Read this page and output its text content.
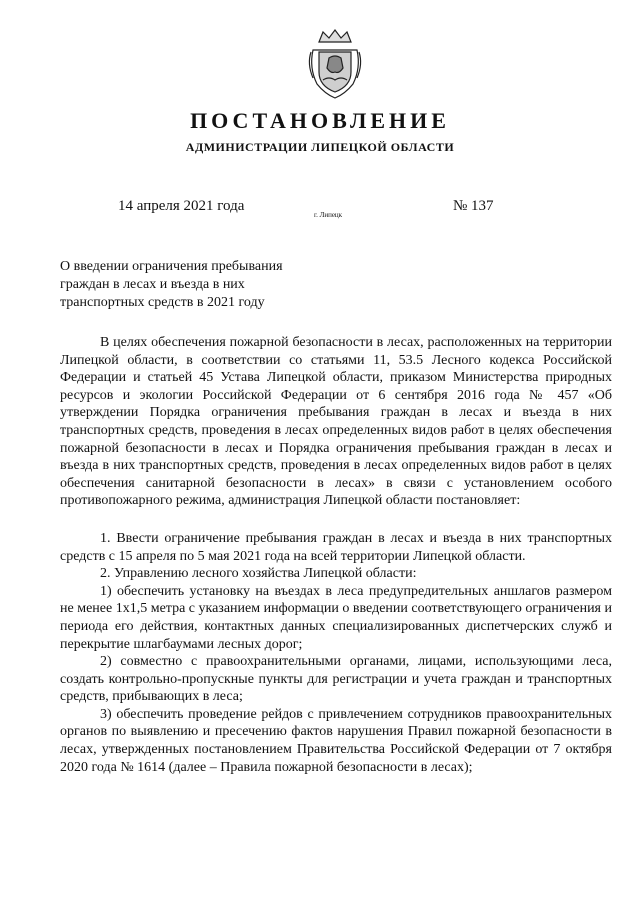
ПОСТАНОВЛЕНИЕ
АДМИНИСТРАЦИИ ЛИПЕЦКОЙ ОБЛАСТИ
14 апреля 2021 года
г. Липецк
№ 137
О введении ограничения пребывания граждан в лесах и въезда в них транспортных средств в 2021 году

В целях обеспечения пожарной безопасности в лесах, расположенных на территории Липецкой области, в соответствии со статьями 11, 53.5 Лесного кодекса Российской Федерации и статьей 45 Устава Липецкой области, приказом Министерства природных ресурсов и экологии Российской Федерации от 6 сентября 2016 года № 457 «Об утверждении Порядка ограничения пребывания граждан в лесах и въезда в них транспортных средств, проведения в лесах определенных видов работ в целях обеспечения пожарной безопасности в лесах и Порядка ограничения пребывания граждан в лесах и въезда в них транспортных средств, проведения в лесах определенных видов работ в целях обеспечения санитарной безопасности в лесах» в связи с установлением особого противопожарного режима, администрация Липецкой области постановляет:

1. Ввести ограничение пребывания граждан в лесах и въезда в них транспортных средств с 15 апреля по 5 мая 2021 года на всей территории Липецкой области.

2. Управлению лесного хозяйства Липецкой области:

1) обеспечить установку на въездах в леса предупредительных аншлагов размером не менее 1х1,5 метра с указанием информации о введении соответствующего ограничения и периода его действия, контактных данных специализированных диспетчерских служб и перекрытие шлагбаумами лесных дорог;

2) совместно с правоохранительными органами, лицами, использующими леса, создать контрольно-пропускные пункты для регистрации и учета граждан и транспортных средств, прибывающих в леса;

3) обеспечить проведение рейдов с привлечением сотрудников правоохранительных органов по выявлению и пресечению фактов нарушения Правил пожарной безопасности в лесах, утвержденных постановлением Правительства Российской Федерации от 7 октября 2020 года № 1614 (далее – Правила пожарной безопасности в лесах);
